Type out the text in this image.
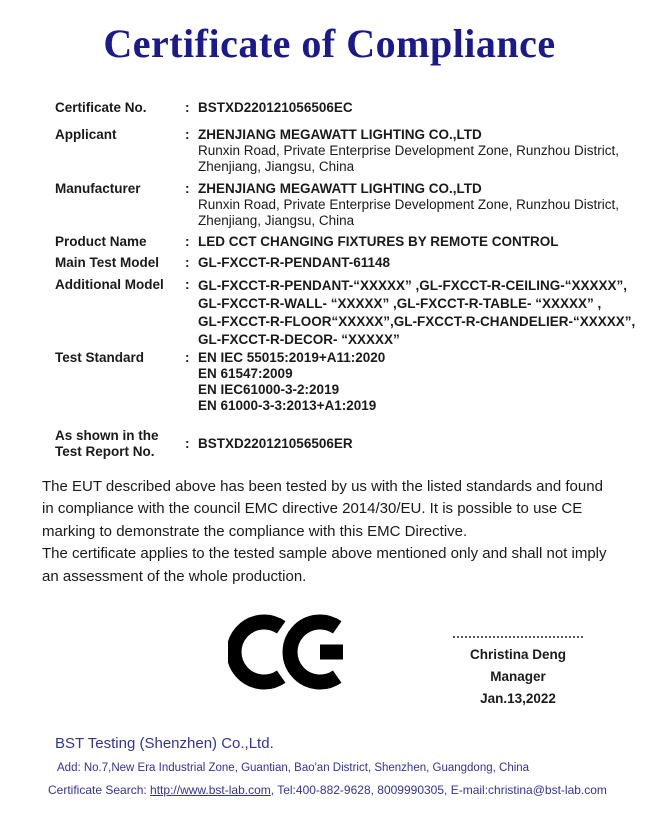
Certificate of Compliance
Certificate No.	: BSTXD220121056506EC
Applicant	: ZHENJIANG MEGAWATT LIGHTING CO.,LTD
Runxin Road, Private Enterprise Development Zone, Runzhou District,
Zhenjiang, Jiangsu, China
Manufacturer	: ZHENJIANG MEGAWATT LIGHTING CO.,LTD
Runxin Road, Private Enterprise Development Zone, Runzhou District,
Zhenjiang, Jiangsu, China
Product Name	: LED CCT CHANGING FIXTURES BY REMOTE CONTROL
Main Test Model	: GL-FXCCT-R-PENDANT-61148
Additional Model	: GL-FXCCT-R-PENDANT-“XXXXX” ,GL-FXCCT-R-CEILING-“XXXXX”,
GL-FXCCT-R-WALL- “XXXXX” ,GL-FXCCT-R-TABLE- “XXXXX” ,
GL-FXCCT-R-FLOOR“XXXXX”,GL-FXCCT-R-CHANDELIER-“XXXXX”,
GL-FXCCT-R-DECOR- “XXXXX”
Test Standard	: EN IEC 55015:2019+A11:2020
EN 61547:2009
EN IEC61000-3-2:2019
EN 61000-3-3:2013+A1:2019
As shown in the
Test Report No.
: BSTXD220121056506ER
The EUT described above has been tested by us with the listed standards and found
in compliance with the council EMC directive 2014/30/EU. It is possible to use CE
marking to demonstrate the compliance with this EMC Directive.
The certificate applies to the tested sample above mentioned only and shall not imply
an assessment of the whole production.
Christina Deng
Manager
Jan.13,2022
BST Testing (Shenzhen) Co.,Ltd.
Add: No.7,New Era Industrial Zone, Guantian, Bao'an District, Shenzhen, Guangdong, China
Certificate Search: http://www.bst-lab.com, Tel:400-882-9628, 8009990305, E-mail:christina@bst-lab.com
